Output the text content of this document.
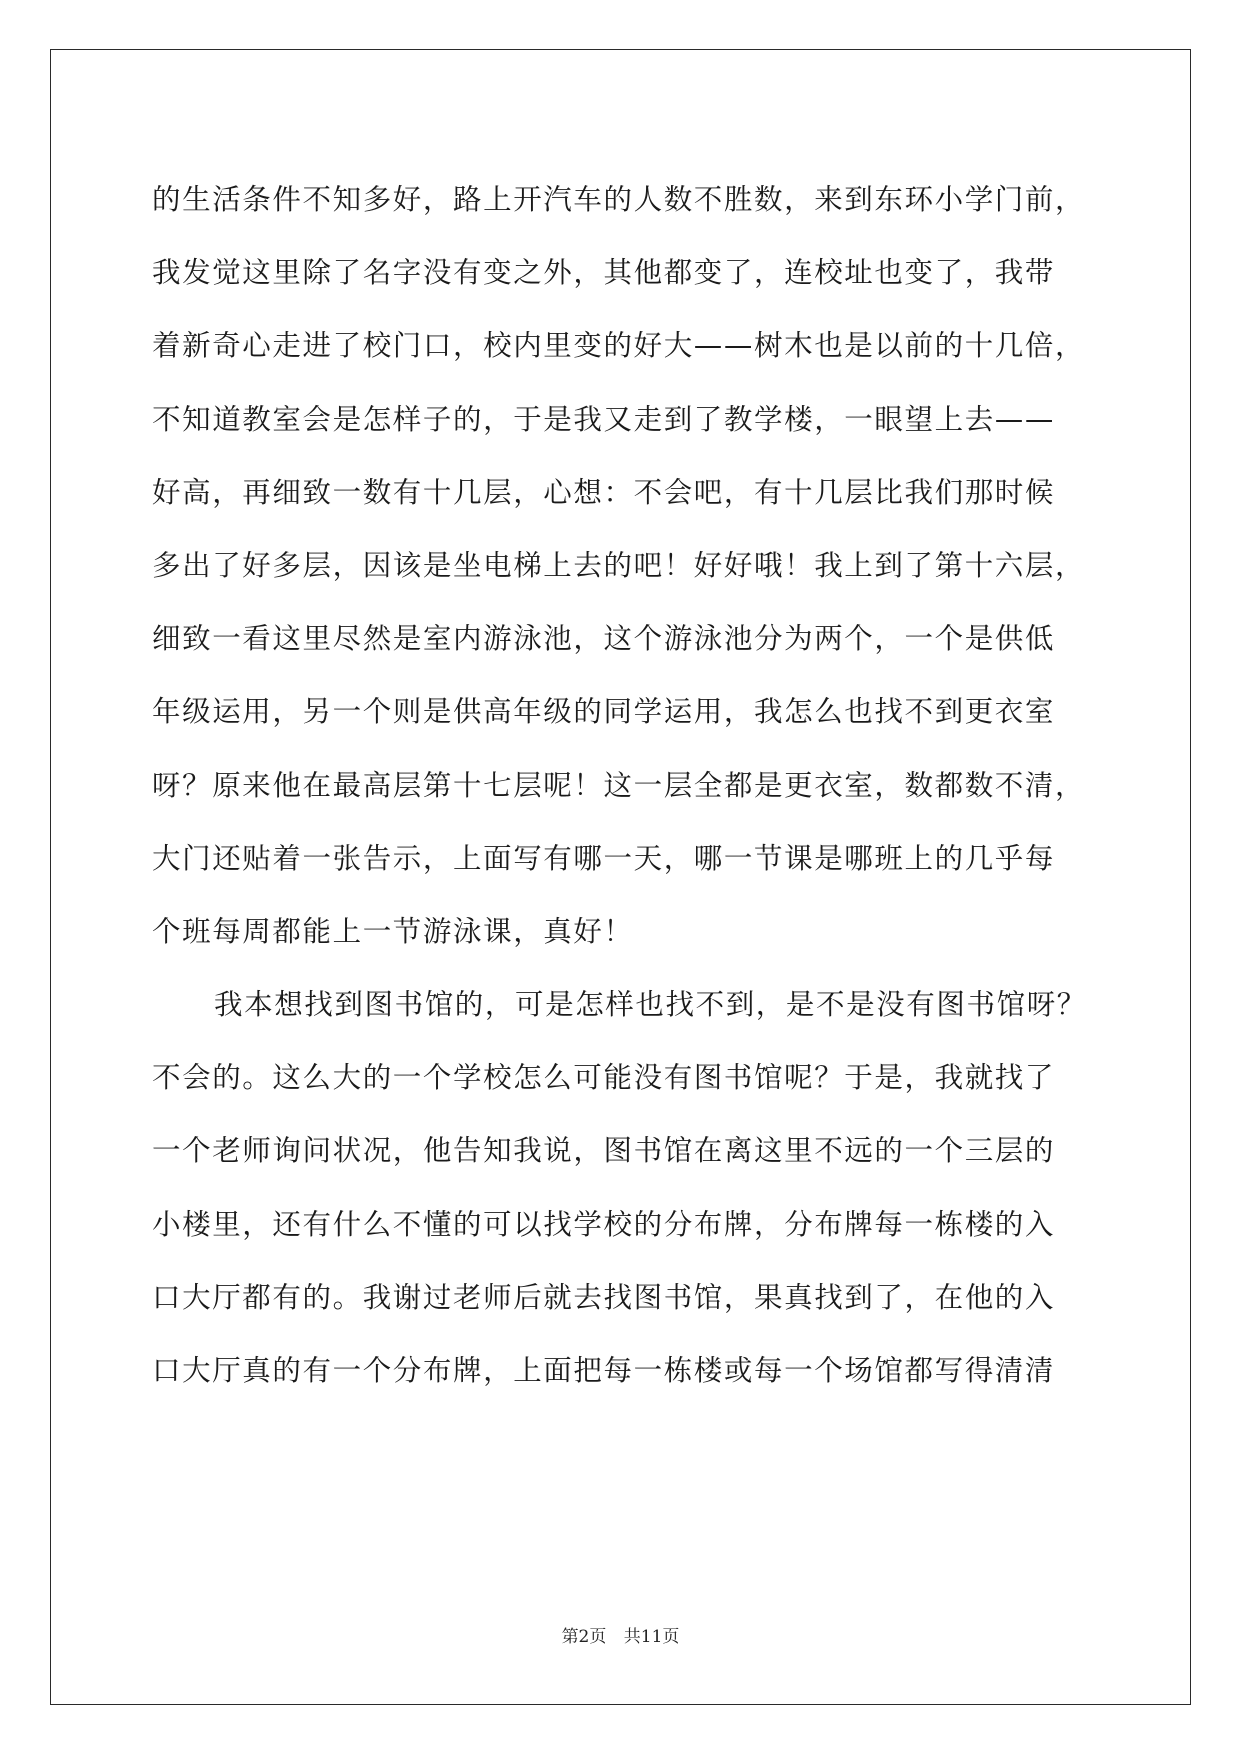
的生活条件不知多好，路上开汽车的人数不胜数，来到东环小学门前，
我发觉这里除了名字没有变之外，其他都变了，连校址也变了，我带
着新奇心走进了校门口，校内里变的好大——树木也是以前的十几倍，
不知道教室会是怎样子的，于是我又走到了教学楼，一眼望上去——
好高，再细致一数有十几层，心想：不会吧，有十几层比我们那时候
多出了好多层，因该是坐电梯上去的吧！好好哦！我上到了第十六层，
细致一看这里尽然是室内游泳池，这个游泳池分为两个，一个是供低
年级运用，另一个则是供高年级的同学运用，我怎么也找不到更衣室
呀？原来他在最高层第十七层呢！这一层全都是更衣室，数都数不清，
大门还贴着一张告示，上面写有哪一天，哪一节课是哪班上的几乎每
个班每周都能上一节游泳课，真好！
我本想找到图书馆的，可是怎样也找不到，是不是没有图书馆呀？
不会的。这么大的一个学校怎么可能没有图书馆呢？于是，我就找了
一个老师询问状况，他告知我说，图书馆在离这里不远的一个三层的
小楼里，还有什么不懂的可以找学校的分布牌，分布牌每一栋楼的入
口大厅都有的。我谢过老师后就去找图书馆，果真找到了，在他的入
口大厅真的有一个分布牌，上面把每一栋楼或每一个场馆都写得清清
第2页 共11页
